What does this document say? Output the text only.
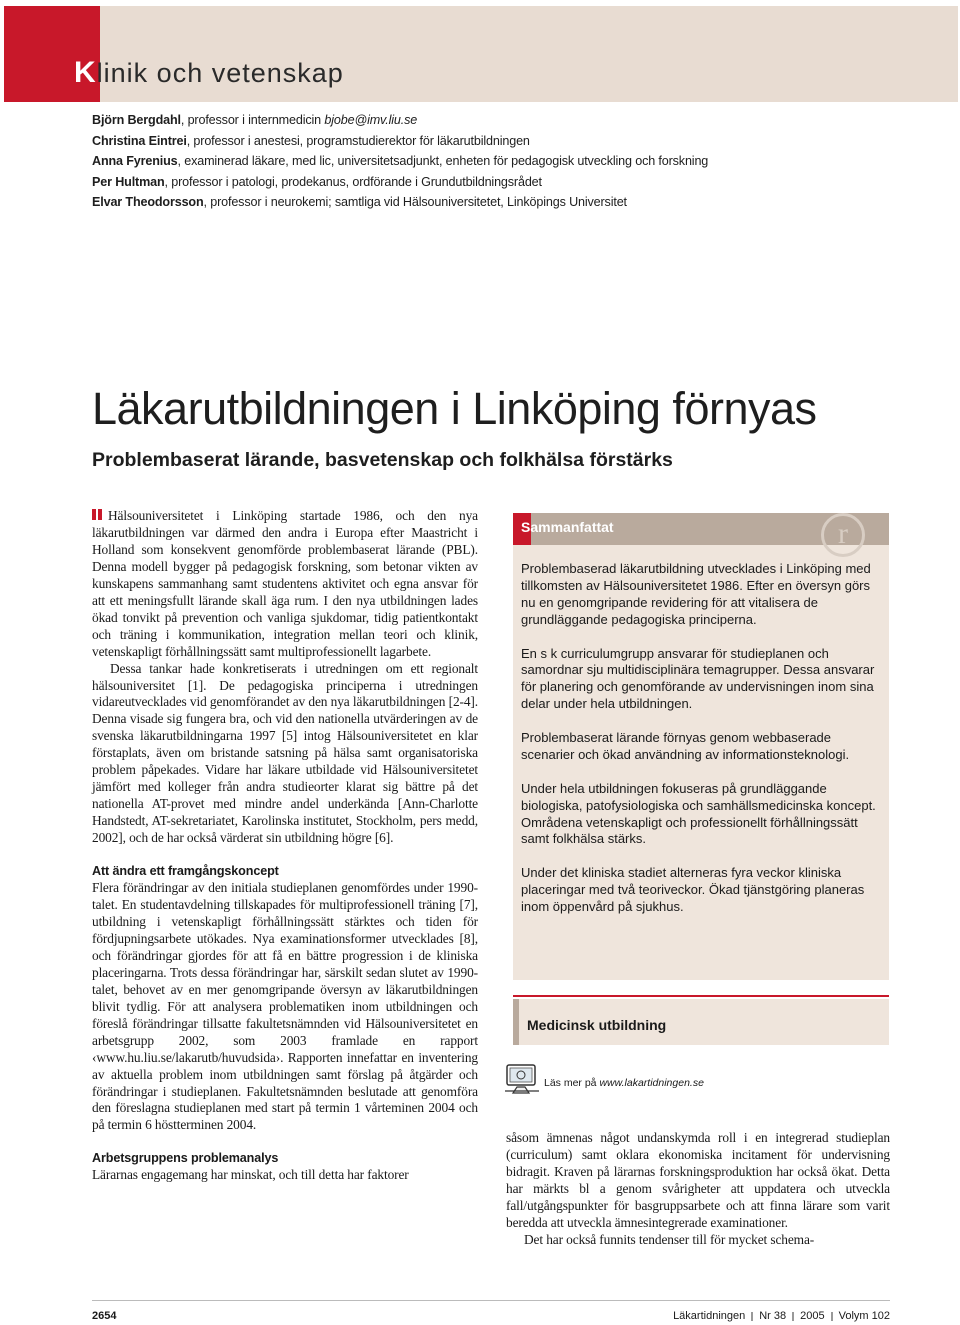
Klinik och vetenskap
Björn Bergdahl, professor i internmedicin bjobe@imv.liu.se
Christina Eintrei, professor i anestesi, programstudierektor för läkarutbildningen
Anna Fyrenius, examinerad läkare, med lic, universitetsadjunkt, enheten för pedagogisk utveckling och forskning
Per Hultman, professor i patologi, prodekanus, ordförande i Grundutbildningsrådet
Elvar Theodorsson, professor i neurokemi; samtliga vid Hälsouniversitetet, Linköpings Universitet
Läkarutbildningen i Linköping förnyas
Problembaserat lärande, basvetenskap och folkhälsa förstärks

Hälsouniversitetet i Linköping startade 1986, och den nya läkarutbildningen var därmed den andra i Europa efter Maastricht i Holland som konsekvent genomförde problembaserat lärande (PBL). Denna modell bygger på pedagogisk forskning, som betonar vikten av kunskapens sammanhang samt studentens aktivitet och egna ansvar för att ett meningsfullt lärande skall äga rum. I den nya utbildningen lades ökad tonvikt på prevention och vanliga sjukdomar, tidig patientkontakt och träning i kommunikation, integration mellan teori och klinik, vetenskapligt förhållningssätt samt multiprofessionellt lagarbete.

Dessa tankar hade konkretiserats i utredningen om ett regionalt hälsouniversitet [1]. De pedagogiska principerna i utredningen vidareutvecklades vid genomförandet av den nya läkarutbildningen [2-4]. Denna visade sig fungera bra, och vid den nationella utvärderingen av de svenska läkarutbildningarna 1997 [5] intog Hälsouniversitetet en klar förstaplats, även om bristande satsning på hälsa samt organisatoriska problem påpekades. Vidare har läkare utbildade vid Hälsouniversitetet jämfört med kolleger från andra studieorter klarat sig bättre på det nationella AT-provet med mindre andel underkända [Ann-Charlotte Handstedt, AT-sekretariatet, Karolinska institutet, Stockholm, pers medd, 2002], och de har också värderat sin utbildning högre [6].

Att ändra ett framgångskoncept

Flera förändringar av den initiala studieplanen genomfördes under 1990-talet. En studentavdelning tillskapades för multiprofessionell träning [7], utbildning i vetenskapligt förhållningssätt stärktes och tiden för fördjupningsarbete utökades. Nya examinationsformer utvecklades [8], och förändringar gjordes för att få en bättre progression i de kliniska placeringarna. Trots dessa förändringar har, särskilt sedan slutet av 1990-talet, behovet av en mer genomgripande översyn av läkarutbildningen blivit tydlig. För att analysera problematiken inom utbildningen och föreslå förändringar tillsatte fakultetsnämnden vid Hälsouniversitetet en arbetsgrupp 2002, som 2003 framlade en rapport ‹www.hu.liu.se/lakarutb/huvudsida›. Rapporten innefattar en inventering av aktuella problem inom utbildningen samt förslag på åtgärder och förändringar i studieplanen. Fakultetsnämnden beslutade att genomföra den föreslagna studieplanen med start på termin 1 vårteminen 2004 och på termin 6 höstterminen 2004.

Arbetsgruppens problemanalys

Lärarnas engagemang har minskat, och till detta har faktorer

Sammanfattat	r

Problembaserad läkarutbildning utvecklades i Linköping med tillkomsten av Hälsouniversitetet 1986. Efter en översyn görs nu en genomgripande revidering för att vitalisera de grundläggande pedagogiska principerna.

En s k curriculumgrupp ansvarar för studieplanen och samordnar sju multidisciplinära temagrupper. Dessa ansvarar för planering och genomförande av undervisningen inom sina delar under hela utbildningen.

Problembaserat lärande förnyas genom webbaserade scenarier och ökad användning av informationsteknologi.

Under hela utbildningen fokuseras på grundläggande biologiska, patofysiologiska och samhällsmedicinska koncept. Områdena vetenskapligt och professionellt förhållningssätt samt folkhälsa stärks.

Under det kliniska stadiet alterneras fyra veckor kliniska placeringar med två teoriveckor. Ökad tjänstgöring planeras inom öppenvård på sjukhus.

Medicinsk utbildning
Läs mer på www.lakartidningen.se

såsom ämnenas något undanskymda roll i en integrerad studieplan (curriculum) samt oklara ekonomiska incitament för undervisning bidragit. Kraven på lärarnas forskningsproduktion har också ökat. Detta har märkts bl a genom svårigheter att uppdatera och utveckla fall/utgångspunkter för basgruppsarbete och att finna lärare som varit beredda att utveckla ämnesintegrerade examinationer.

Det har också funnits tendenser till för mycket schema-

2654	Läkartidningen Nr 38 2005 Volym 102
